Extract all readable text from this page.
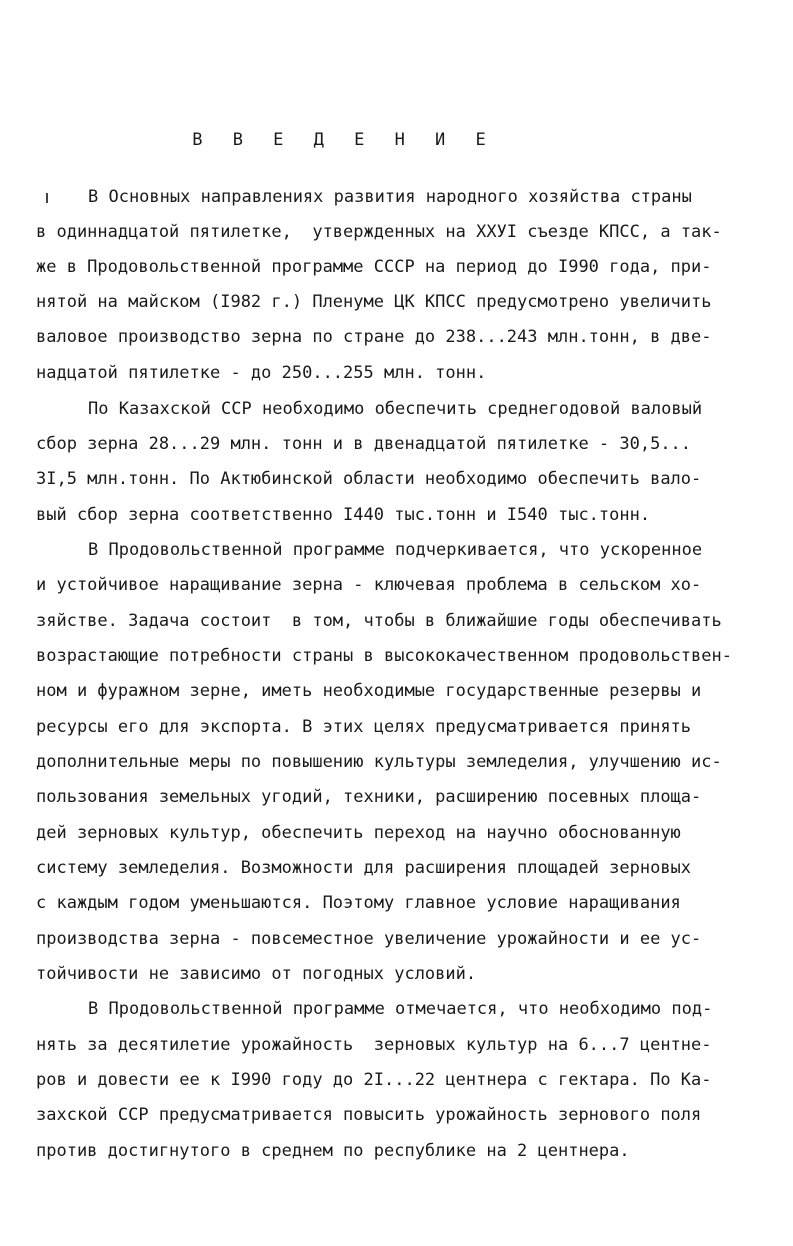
В В Е Д Е Н И Е
В Основных направлениях развития народного хозяйства страны
в одиннадцатой пятилетке,  утвержденных на XXУI съезде КПСС, а так-
же в Продовольственной программе СССР на период до I990 года, при-
нятой на майском (I982 г.) Пленуме ЦК КПСС предусмотрено увеличить
валовое производство зерна по стране до 238...243 млн.тонн, в две-
надцатой пятилетке - до 250...255 млн. тонн.
По Казахской ССР необходимо обеспечить среднегодовой валовый
сбор зерна 28...29 млн. тонн и в двенадцатой пятилетке - 30,5...
3I,5 млн.тонн. По Актюбинской области необходимо обеспечить вало-
вый сбор зерна соответственно I440 тыс.тонн и I540 тыс.тонн.
В Продовольственной программе подчеркивается, что ускоренное
и устойчивое наращивание зерна - ключевая проблема в сельском хо-
зяйстве. Задача состоит  в том, чтобы в ближайшие годы обеспечивать
возрастающие потребности страны в высококачественном продовольствен-
ном и фуражном зерне, иметь необходимые государственные резервы и
ресурсы его для экспорта. В этих целях предусматривается принять
дополнительные меры по повышению культуры земледелия, улучшению ис-
пользования земельных угодий, техники, расширению посевных площа-
дей зерновых культур, обеспечить переход на научно обоснованную
систему земледелия. Возможности для расширения площадей зерновых
с каждым годом уменьшаются. Поэтому главное условие наращивания
производства зерна - повсеместное увеличение урожайности и ее ус-
тойчивости не зависимо от погодных условий.
В Продовольственной программе отмечается, что необходимо под-
нять за десятилетие урожайность  зерновых культур на 6...7 центне-
ров и довести ее к I990 году до 2I...22 центнера с гектара. По Ка-
захской ССР предусматривается повысить урожайность зернового поля
против достигнутого в среднем по республике на 2 центнера.
